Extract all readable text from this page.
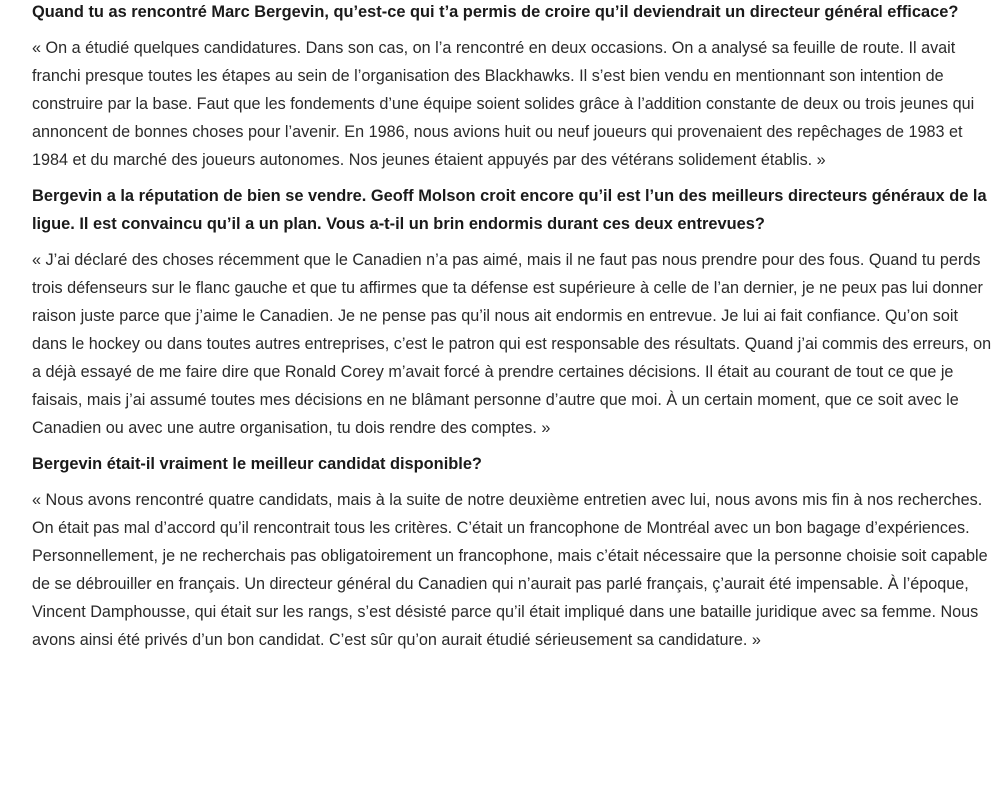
Quand tu as rencontré Marc Bergevin, qu’est-ce qui t’a permis de croire qu’il deviendrait un directeur général efficace?

« On a étudié quelques candidatures. Dans son cas, on l’a rencontré en deux occasions. On a analysé sa feuille de route. Il avait franchi presque toutes les étapes au sein de l’organisation des Blackhawks. Il s’est bien vendu en mentionnant son intention de construire par la base. Faut que les fondements d’une équipe soient solides grâce à l’addition constante de deux ou trois jeunes qui annoncent de bonnes choses pour l’avenir. En 1986, nous avions huit ou neuf joueurs qui provenaient des repêchages de 1983 et 1984 et du marché des joueurs autonomes. Nos jeunes étaient appuyés par des vétérans solidement établis. »

Bergevin a la réputation de bien se vendre. Geoff Molson croit encore qu’il est l’un des meilleurs directeurs généraux de la ligue. Il est convaincu qu’il a un plan. Vous a-t-il un brin endormis durant ces deux entrevues?

« J’ai déclaré des choses récemment que le Canadien n’a pas aimé, mais il ne faut pas nous prendre pour des fous. Quand tu perds trois défenseurs sur le flanc gauche et que tu affirmes que ta défense est supérieure à celle de l’an dernier, je ne peux pas lui donner raison juste parce que j’aime le Canadien. Je ne pense pas qu’il nous ait endormis en entrevue. Je lui ai fait confiance. Qu’on soit dans le hockey ou dans toutes autres entreprises, c’est le patron qui est responsable des résultats. Quand j’ai commis des erreurs, on a déjà essayé de me faire dire que Ronald Corey m’avait forcé à prendre certaines décisions. Il était au courant de tout ce que je faisais, mais j’ai assumé toutes mes décisions en ne blâmant personne d’autre que moi. À un certain moment, que ce soit avec le Canadien ou avec une autre organisation, tu dois rendre des comptes. »

Bergevin était-il vraiment le meilleur candidat disponible?

« Nous avons rencontré quatre candidats, mais à la suite de notre deuxième entretien avec lui, nous avons mis fin à nos recherches. On était pas mal d’accord qu’il rencontrait tous les critères. C’était un francophone de Montréal avec un bon bagage d’expériences. Personnellement, je ne recherchais pas obligatoirement un francophone, mais c’était nécessaire que la personne choisie soit capable de se débrouiller en français. Un directeur général du Canadien qui n’aurait pas parlé français, ç’aurait été impensable. À l’époque, Vincent Damphousse, qui était sur les rangs, s’est désisté parce qu’il était impliqué dans une bataille juridique avec sa femme. Nous avons ainsi été privés d’un bon candidat. C’est sûr qu’on aurait étudié sérieusement sa candidature. »
